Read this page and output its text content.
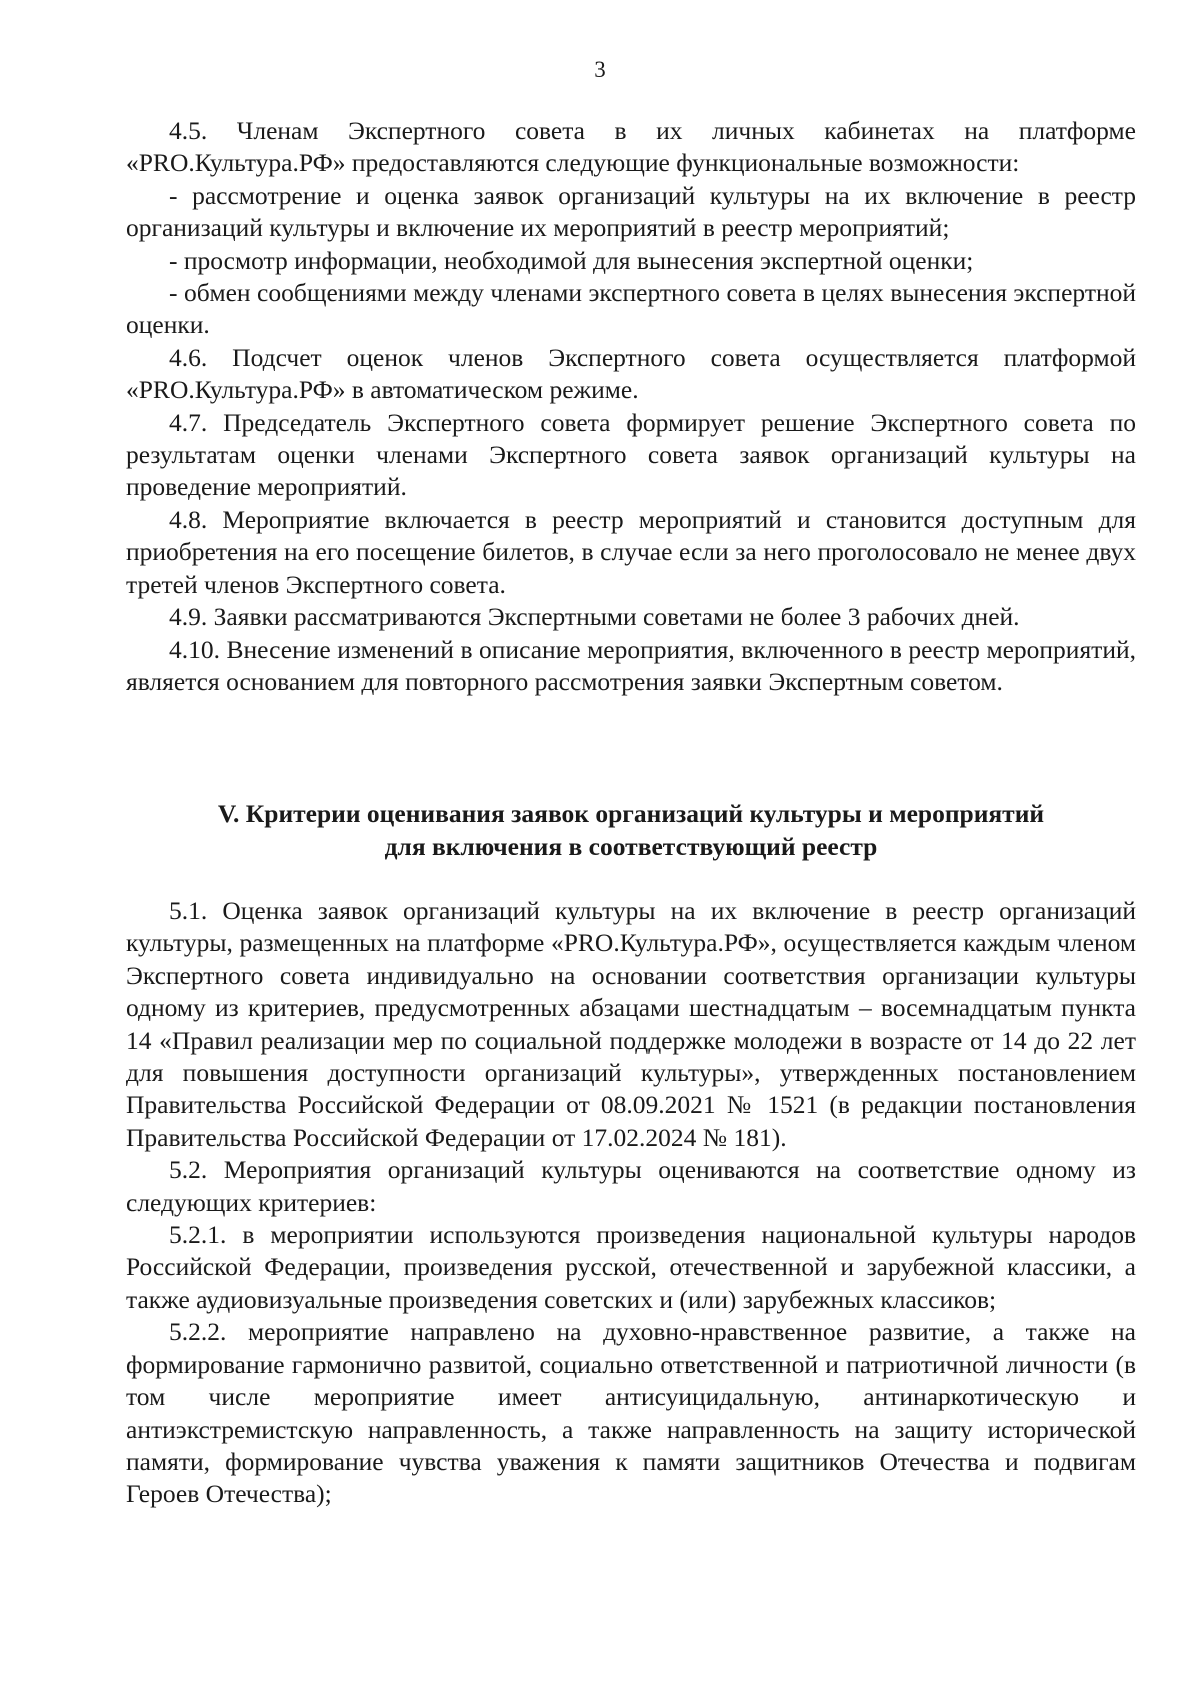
3

4.5. Членам Экспертного совета в их личных кабинетах на платформе «PRO.Культура.РФ» предоставляются следующие функциональные возможности:

- рассмотрение и оценка заявок организаций культуры на их включение в реестр организаций культуры и включение их мероприятий в реестр мероприятий;

- просмотр информации, необходимой для вынесения экспертной оценки;

- обмен сообщениями между членами экспертного совета в целях вынесения экспертной оценки.

4.6. Подсчет оценок членов Экспертного совета осуществляется платформой «PRO.Культура.РФ» в автоматическом режиме.

4.7. Председатель Экспертного совета формирует решение Экспертного совета по результатам оценки членами Экспертного совета заявок организаций культуры на проведение мероприятий.

4.8. Мероприятие включается в реестр мероприятий и становится доступным для приобретения на его посещение билетов, в случае если за него проголосовало не менее двух третей членов Экспертного совета.

4.9. Заявки рассматриваются Экспертными советами не более 3 рабочих дней.

4.10. Внесение изменений в описание мероприятия, включенного в реестр мероприятий, является основанием для повторного рассмотрения заявки Экспертным советом.

V. Критерии оценивания заявок организаций культуры и мероприятий
для включения в соответствующий реестр

5.1. Оценка заявок организаций культуры на их включение в реестр организаций культуры, размещенных на платформе «PRO.Культура.РФ», осуществляется каждым членом Экспертного совета индивидуально на основании соответствия организации культуры одному из критериев, предусмотренных абзацами шестнадцатым – восемнадцатым пункта 14 «Правил реализации мер по социальной поддержке молодежи в возрасте от 14 до 22 лет для повышения доступности организаций культуры», утвержденных постановлением Правительства Российской Федерации от 08.09.2021 № 1521 (в редакции постановления Правительства Российской Федерации от 17.02.2024 № 181).

5.2. Мероприятия организаций культуры оцениваются на соответствие одному из следующих критериев:

5.2.1. в мероприятии используются произведения национальной культуры народов Российской Федерации, произведения русской, отечественной и зарубежной классики, а также аудиовизуальные произведения советских и (или) зарубежных классиков;

5.2.2. мероприятие направлено на духовно-нравственное развитие, а также на формирование гармонично развитой, социально ответственной и патриотичной личности (в том числе мероприятие имеет антисуицидальную, антинаркотическую и антиэкстремистскую направленность, а также направленность на защиту исторической памяти, формирование чувства уважения к памяти защитников Отечества и подвигам Героев Отечества);
